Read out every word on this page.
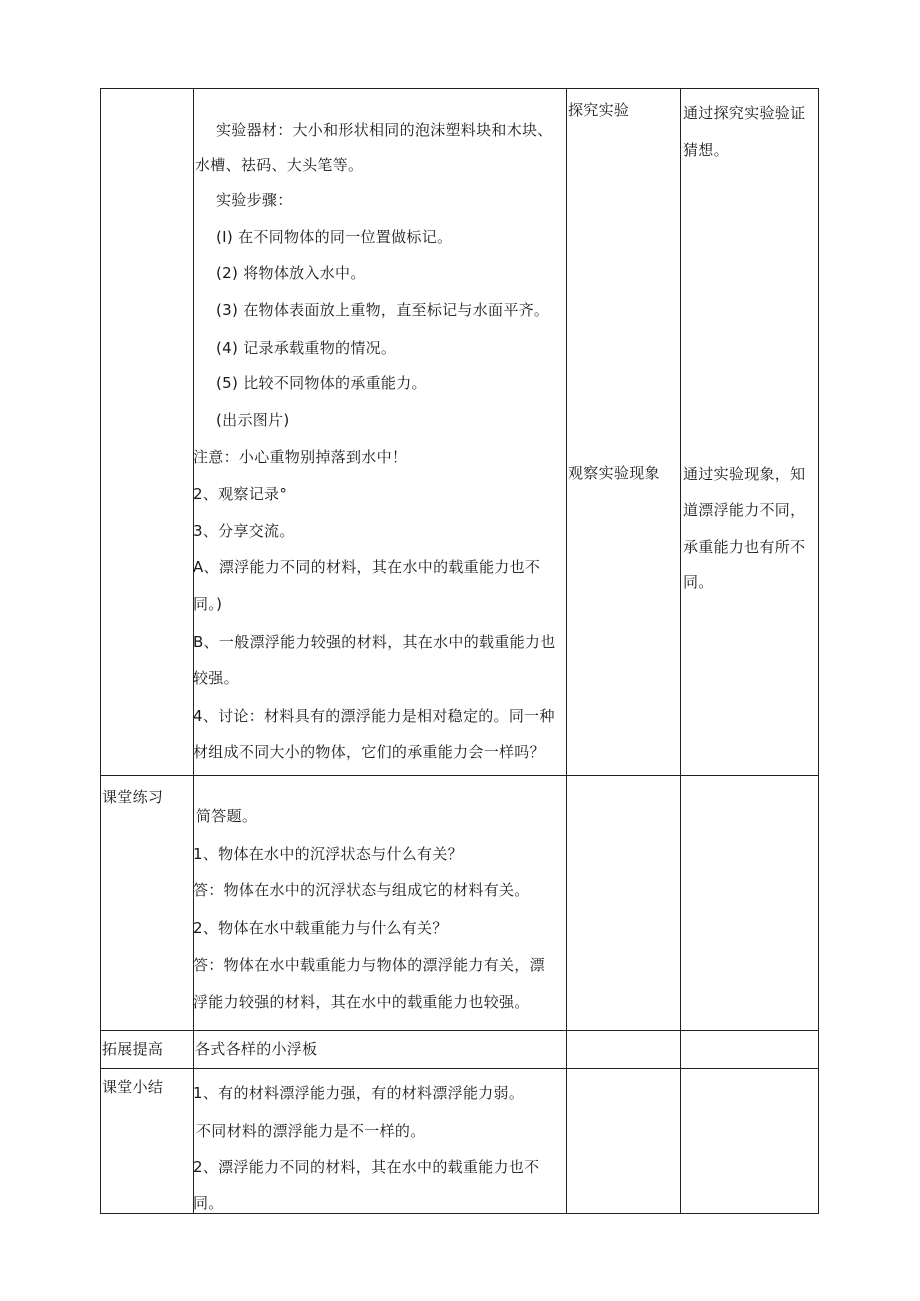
实验器材：大小和形状相同的泡沫塑料块和木块、
水槽、祛码、大头笔等。
实验步骤：
(I) 在不同物体的同一位置做标记。
(2) 将物体放入水中。
(3) 在物体表面放上重物，直至标记与水面平齐。
(4) 记录承载重物的情况。
(5) 比较不同物体的承重能力。
(出示图片)
注意：小心重物别掉落到水中！
2、观察记录°
3、分享交流。
A、漂浮能力不同的材料，其在水中的载重能力也不
同。)
B、一般漂浮能力较强的材料，其在水中的载重能力也
较强。
4、讨论：材料具有的漂浮能力是相对稳定的。同一种
材组成不同大小的物体，它们的承重能力会一样吗？
探究实验
观察实验现象
通过探究实验验证
猜想。
通过实验现象，知
道漂浮能力不同，
承重能力也有所不
同。
课堂练习
简答题。
1、物体在水中的沉浮状态与什么有关？
答：物体在水中的沉浮状态与组成它的材料有关。
2、物体在水中载重能力与什么有关？
答：物体在水中载重能力与物体的漂浮能力有关，漂
浮能力较强的材料，其在水中的载重能力也较强。
拓展提高 各式各样的小浮板
课堂小结 1、有的材料漂浮能力强，有的材料漂浮能力弱。
不同材料的漂浮能力是不一样的。
2、漂浮能力不同的材料，其在水中的载重能力也不
同。
